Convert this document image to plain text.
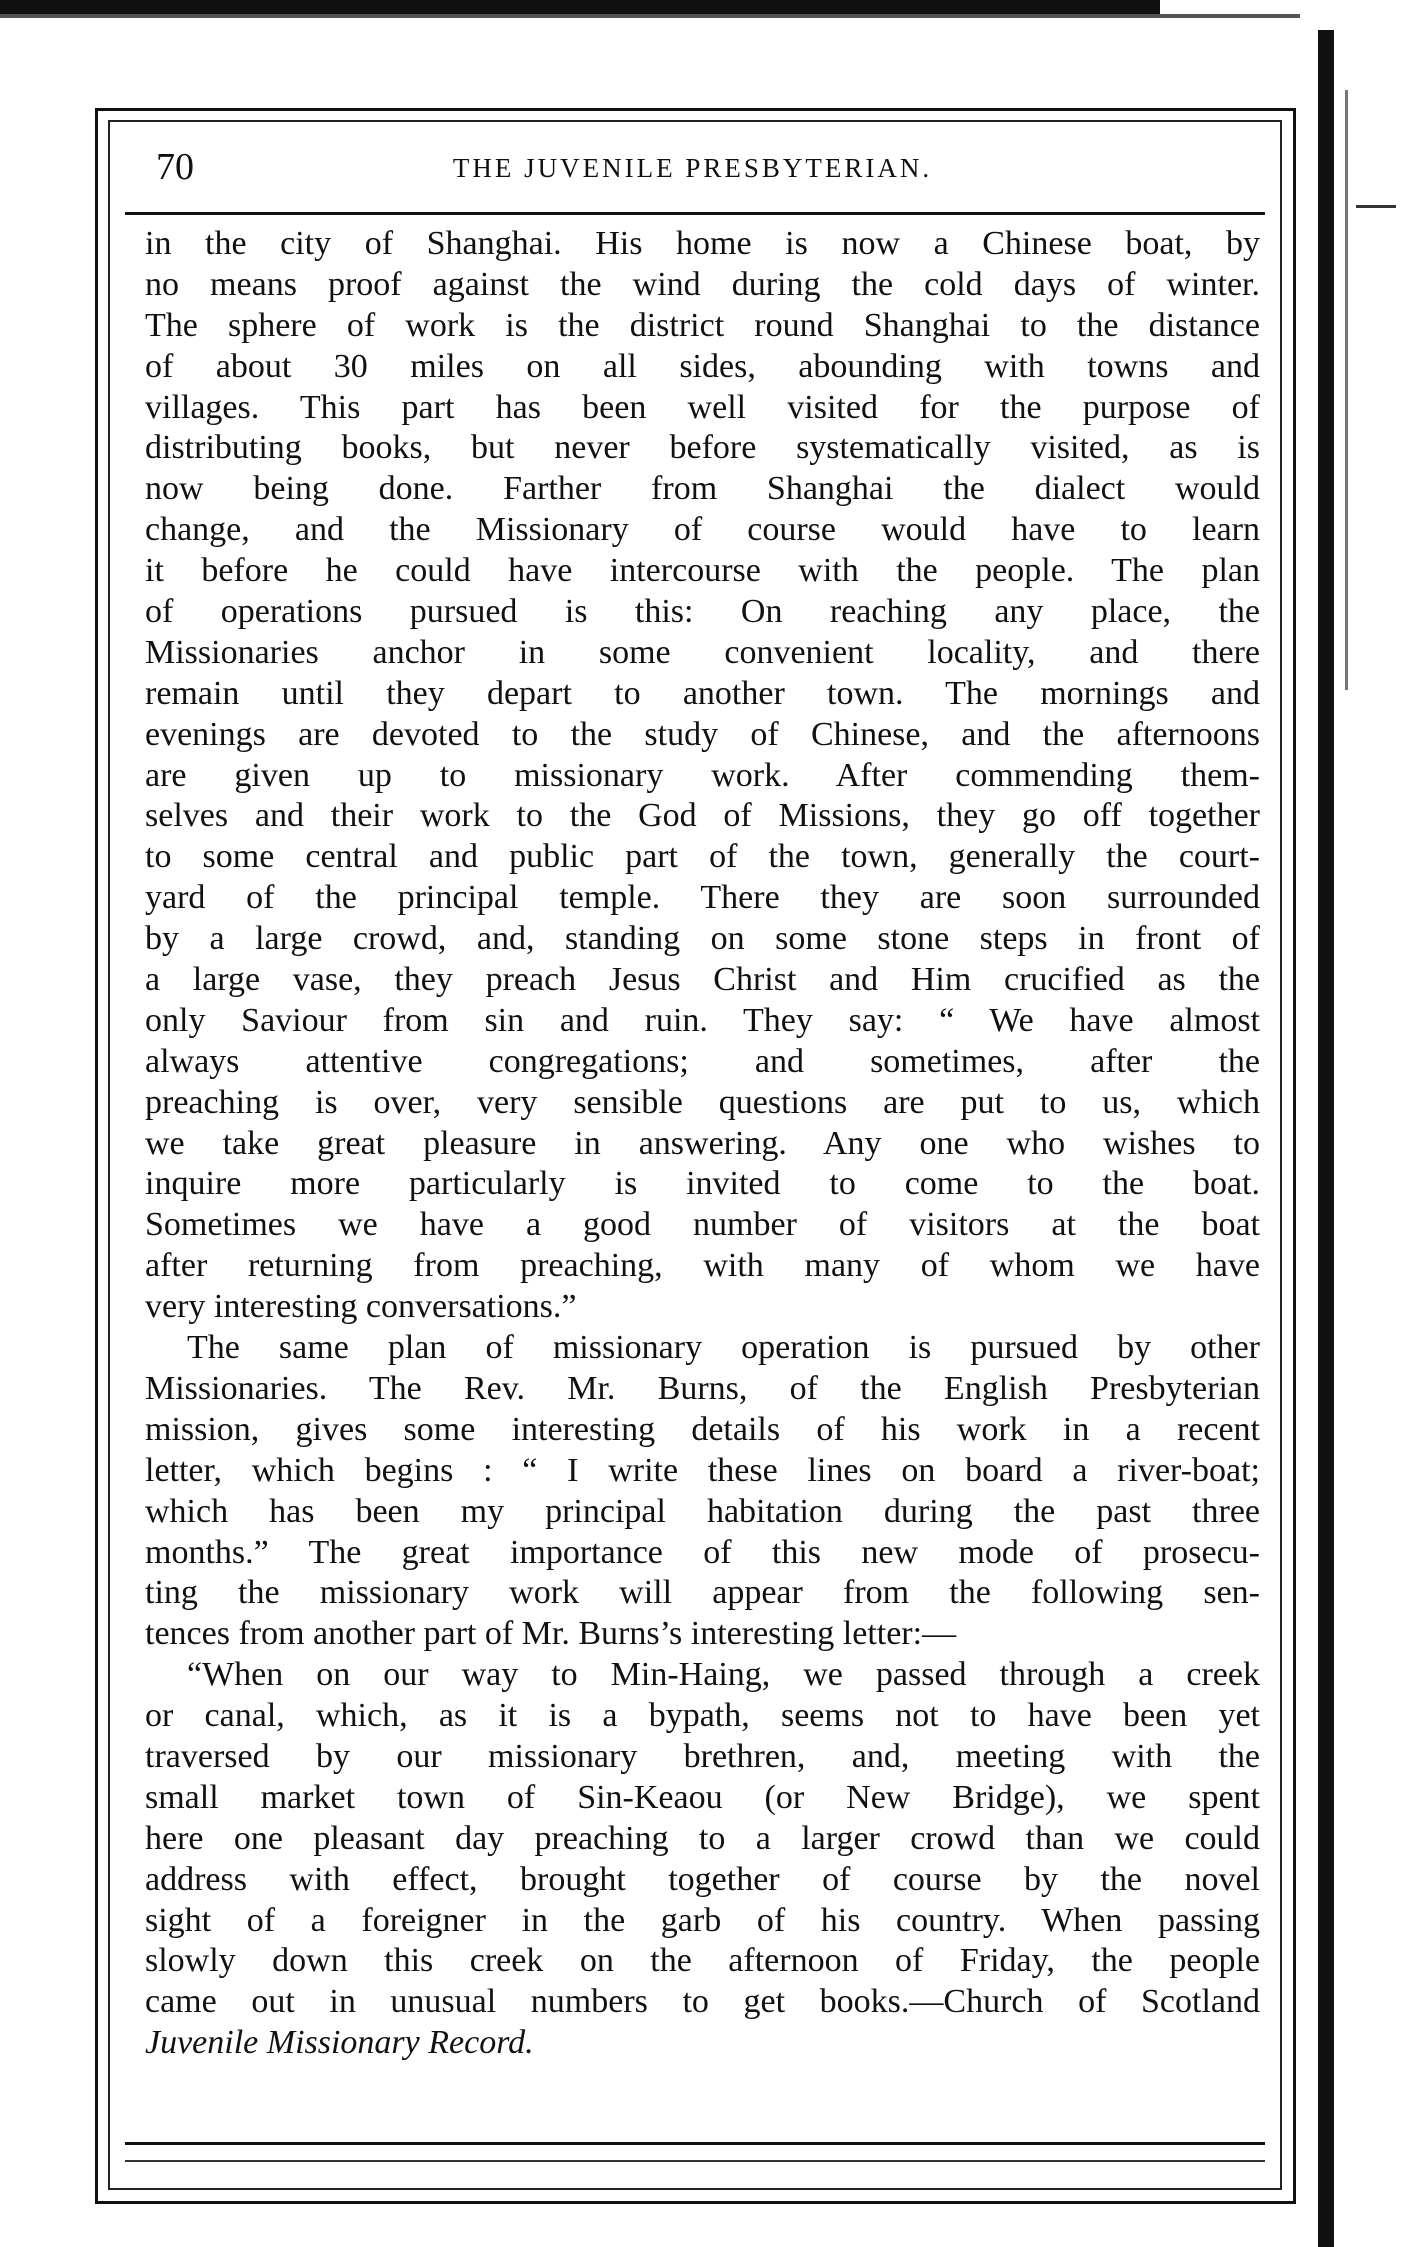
70	THE JUVENILE PRESBYTERIAN.
in the city of Shanghai. His home is now a Chinese boat, by
no means proof against the wind during the cold days of winter.
The sphere of work is the district round Shanghai to the distance
of about 30 miles on all sides, abounding with towns and
villages. This part has been well visited for the purpose of
distributing books, but never before systematically visited, as is
now being done. Farther from Shanghai the dialect would
change, and the Missionary of course would have to learn
it before he could have intercourse with the people. The plan
of operations pursued is this: On reaching any place, the
Missionaries anchor in some convenient locality, and there
remain until they depart to another town. The mornings and
evenings are devoted to the study of Chinese, and the afternoons
are given up to missionary work. After commending them-
selves and their work to the God of Missions, they go off together
to some central and public part of the town, generally the court-
yard of the principal temple. There they are soon surrounded
by a large crowd, and, standing on some stone steps in front of
a large vase, they preach Jesus Christ and Him crucified as the
only Saviour from sin and ruin. They say: “ We have almost
always attentive congregations; and sometimes, after the
preaching is over, very sensible questions are put to us, which
we take great pleasure in answering. Any one who wishes to
inquire more particularly is invited to come to the boat.
Sometimes we have a good number of visitors at the boat
after returning from preaching, with many of whom we have
very interesting conversations.”
The same plan of missionary operation is pursued by other
Missionaries. The Rev. Mr. Burns, of the English Presbyterian
mission, gives some interesting details of his work in a recent
letter, which begins : “ I write these lines on board a river-boat;
which has been my principal habitation during the past three
months.” The great importance of this new mode of prosecu-
ting the missionary work will appear from the following sen-
tences from another part of Mr. Burns’s interesting letter:—
“When on our way to Min-Haing, we passed through a creek
or canal, which, as it is a bypath, seems not to have been yet
traversed by our missionary brethren, and, meeting with the
small market town of Sin-Keaou (or New Bridge), we spent
here one pleasant day preaching to a larger crowd than we could
address with effect, brought together of course by the novel
sight of a foreigner in the garb of his country. When passing
slowly down this creek on the afternoon of Friday, the people
came out in unusual numbers to get books.—Church of Scotland
Juvenile Missionary Record.
